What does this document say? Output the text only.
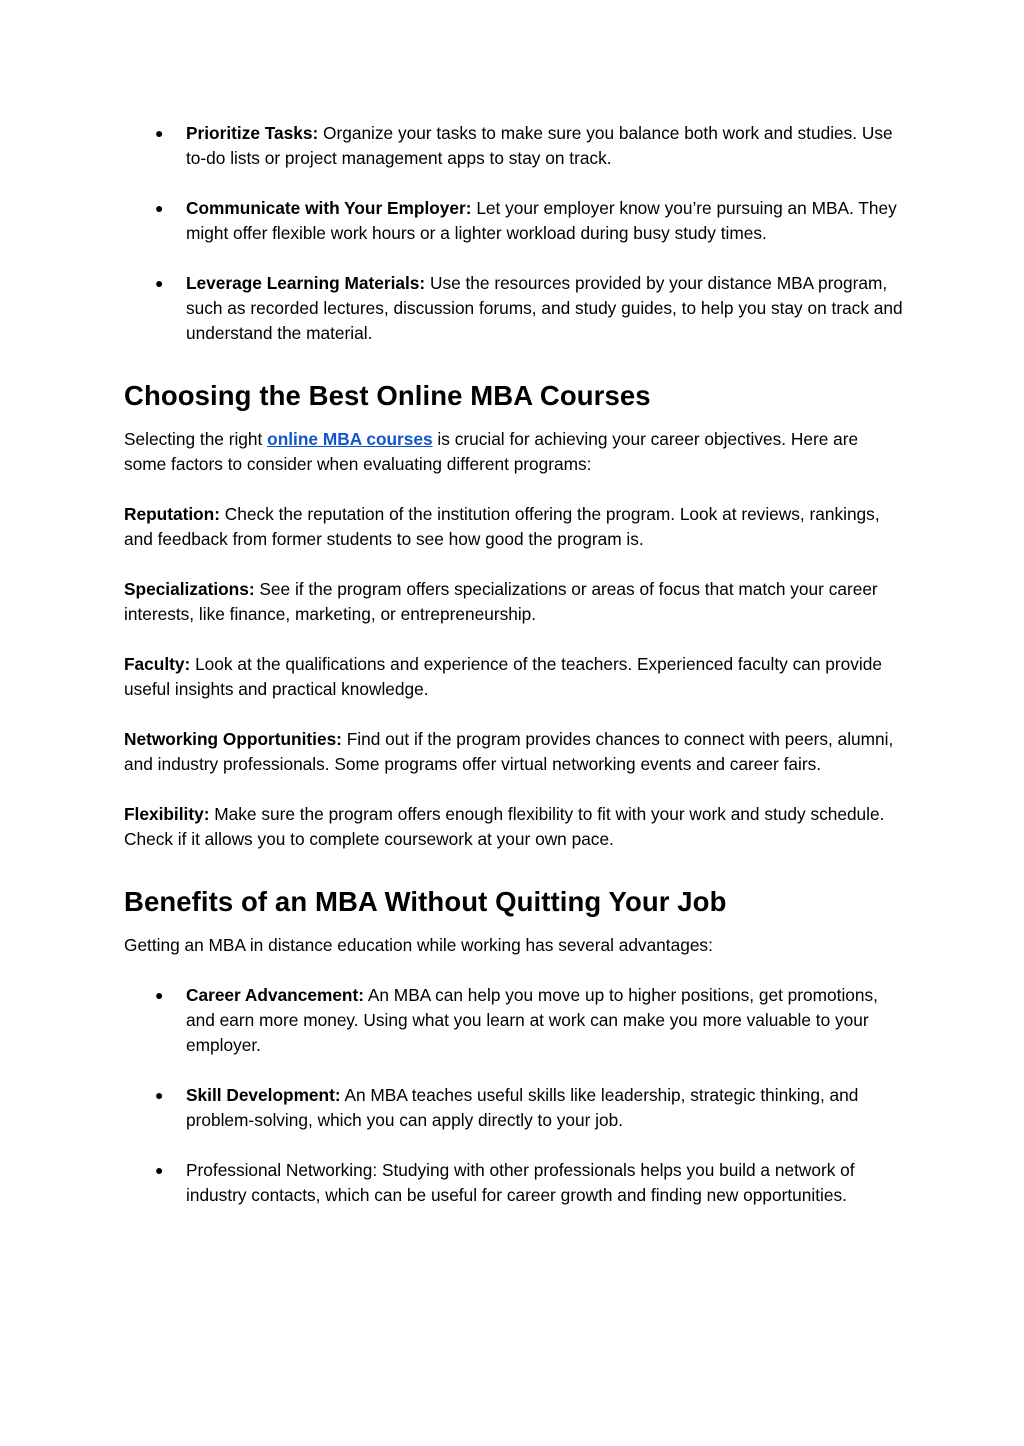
● Prioritize Tasks: Organize your tasks to make sure you balance both work and studies. Use to-do lists or project management apps to stay on track.
● Communicate with Your Employer: Let your employer know you’re pursuing an MBA. They might offer flexible work hours or a lighter workload during busy study times.
● Leverage Learning Materials: Use the resources provided by your distance MBA program, such as recorded lectures, discussion forums, and study guides, to help you stay on track and understand the material.
Choosing the Best Online MBA Courses

Selecting the right online MBA courses is crucial for achieving your career objectives. Here are some factors to consider when evaluating different programs:

Reputation: Check the reputation of the institution offering the program. Look at reviews, rankings, and feedback from former students to see how good the program is.

Specializations: See if the program offers specializations or areas of focus that match your career interests, like finance, marketing, or entrepreneurship.

Faculty: Look at the qualifications and experience of the teachers. Experienced faculty can provide useful insights and practical knowledge.

Networking Opportunities: Find out if the program provides chances to connect with peers, alumni, and industry professionals. Some programs offer virtual networking events and career fairs.

Flexibility: Make sure the program offers enough flexibility to fit with your work and study schedule. Check if it allows you to complete coursework at your own pace.

Benefits of an MBA Without Quitting Your Job

Getting an MBA in distance education while working has several advantages:

● Career Advancement: An MBA can help you move up to higher positions, get promotions, and earn more money. Using what you learn at work can make you more valuable to your employer.
● Skill Development: An MBA teaches useful skills like leadership, strategic thinking, and problem-solving, which you can apply directly to your job.
● Professional Networking: Studying with other professionals helps you build a network of industry contacts, which can be useful for career growth and finding new opportunities.
